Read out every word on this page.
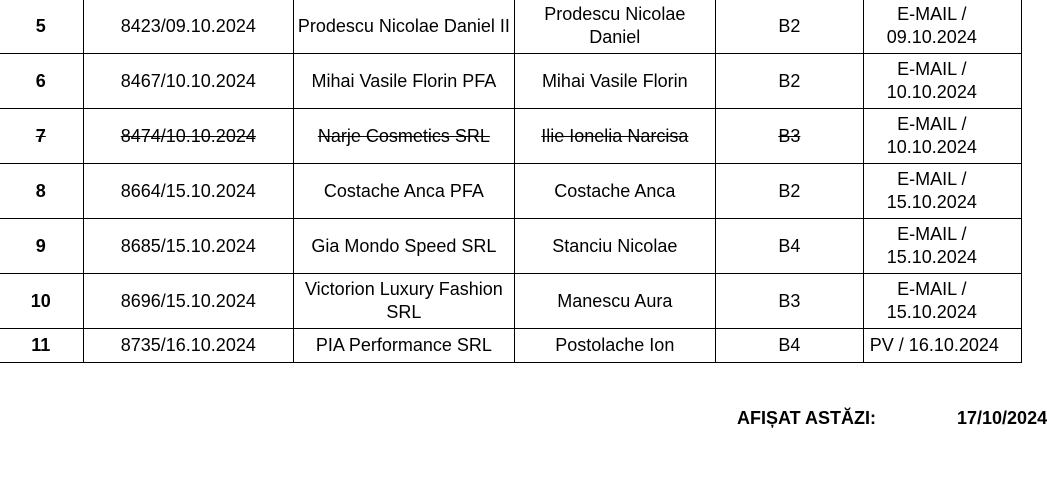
5	8423/09.10.2024	Prodescu Nicolae Daniel II	Prodescu Nicolae Daniel	B2	E-MAIL /
09.10.2024
6	8467/10.10.2024	Mihai Vasile Florin PFA	Mihai Vasile Florin	B2	E-MAIL /
10.10.2024
7	8474/10.10.2024	Narje Cosmetics SRL	Ilie Ionelia Narcisa	B3	E-MAIL /
10.10.2024
8	8664/15.10.2024	Costache Anca PFA	Costache Anca	B2	E-MAIL /
15.10.2024
9	8685/15.10.2024	Gia Mondo Speed SRL	Stanciu Nicolae	B4	E-MAIL /
15.10.2024
10	8696/15.10.2024	Victorion Luxury Fashion SRL	Manescu Aura	B3	E-MAIL /
15.10.2024
11	8735/16.10.2024	PIA Performance SRL	Postolache Ion	B4	PV / 16.10.2024
AFIȘAT ASTĂZI:	17/10/2024
